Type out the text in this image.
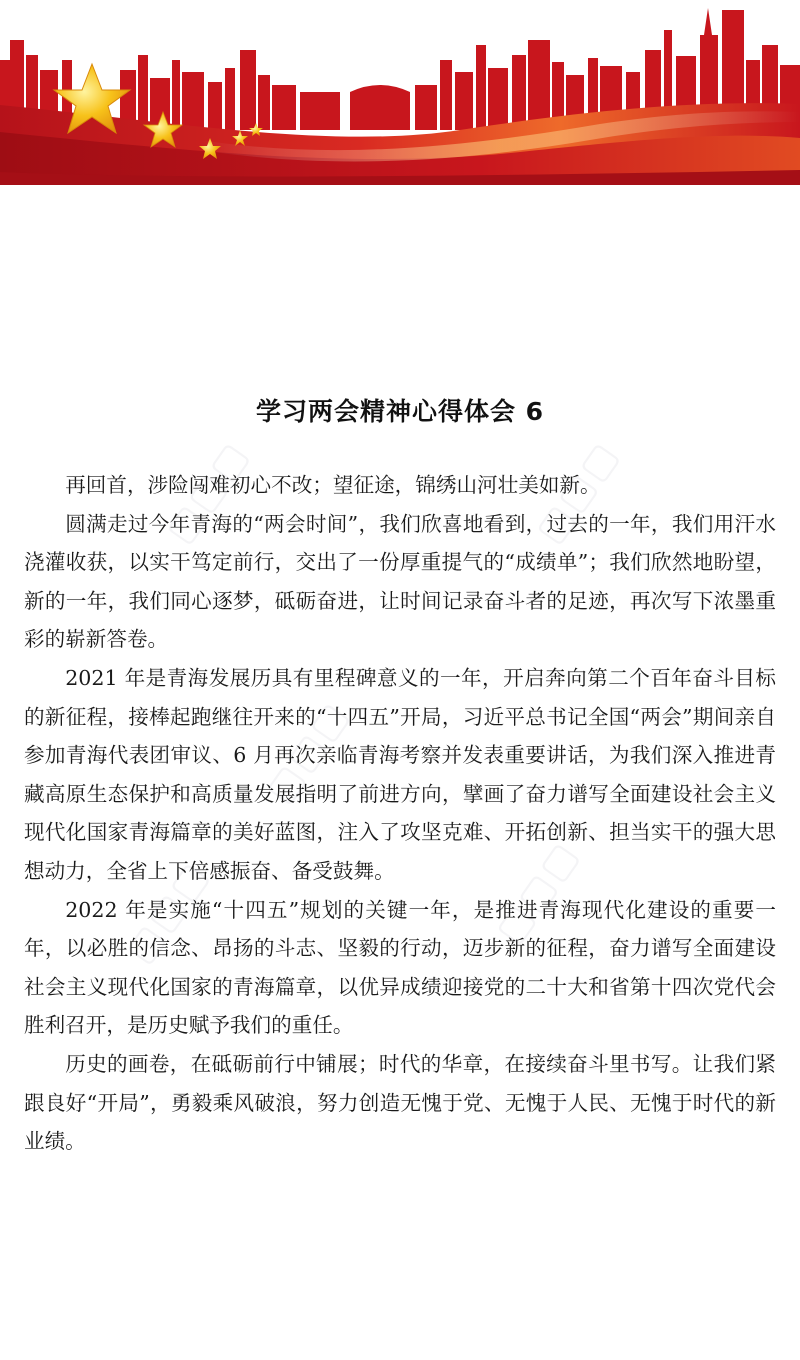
▢▢▢	▢▢▢
▢▢▢
▢▢▢	▢▢▢
学习两会精神心得体会 6

再回首，涉险闯难初心不改；望征途，锦绣山河壮美如新。

圆满走过今年青海的“两会时间”，我们欣喜地看到，过去的一年，我们用汗水浇灌收获，以实干笃定前行，交出了一份厚重提气的“成绩单”；我们欣然地盼望，新的一年，我们同心逐梦，砥砺奋进，让时间记录奋斗者的足迹，再次写下浓墨重彩的崭新答卷。

2021 年是青海发展历具有里程碑意义的一年，开启奔向第二个百年奋斗目标的新征程，接棒起跑继往开来的“十四五”开局，习近平总书记全国“两会”期间亲自参加青海代表团审议、6 月再次亲临青海考察并发表重要讲话，为我们深入推进青藏高原生态保护和高质量发展指明了前进方向，擘画了奋力谱写全面建设社会主义现代化国家青海篇章的美好蓝图，注入了攻坚克难、开拓创新、担当实干的强大思想动力，全省上下倍感振奋、备受鼓舞。

2022 年是实施“十四五”规划的关键一年，是推进青海现代化建设的重要一年，以必胜的信念、昂扬的斗志、坚毅的行动，迈步新的征程，奋力谱写全面建设社会主义现代化国家的青海篇章，以优异成绩迎接党的二十大和省第十四次党代会胜利召开，是历史赋予我们的重任。

历史的画卷，在砥砺前行中铺展；时代的华章，在接续奋斗里书写。让我们紧跟良好“开局”，勇毅乘风破浪，努力创造无愧于党、无愧于人民、无愧于时代的新业绩。
